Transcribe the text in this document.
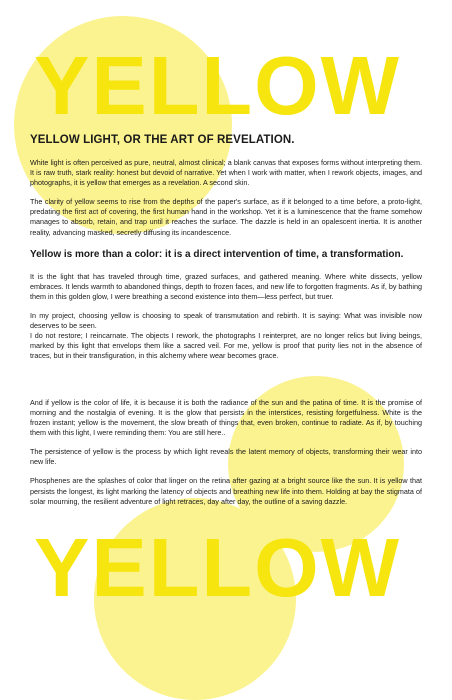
YELLOW
YELLOW LIGHT, OR THE ART OF REVELATION.

White light is often perceived as pure, neutral, almost clinical; a blank canvas that exposes forms without interpreting them. It is raw truth, stark reality: honest but devoid of narrative. Yet when I work with matter, when I rework objects, images, and photographs, it is yellow that emerges as a revelation. A second skin.

The clarity of yellow seems to rise from the depths of the paper's surface, as if it belonged to a time before, a proto-light, predating the first act of covering, the first human hand in the workshop. Yet it is a luminescence that the frame somehow manages to absorb, retain, and trap until it reaches the surface. The dazzle is held in an opalescent inertia. It is another reality, advancing masked, secretly diffusing its incandescence.

Yellow is more than a color: it is a direct intervention of time, a transformation.

It is the light that has traveled through time, grazed surfaces, and gathered meaning. Where white dissects, yellow embraces. It lends warmth to abandoned things, depth to frozen faces, and new life to forgotten fragments. As if, by bathing them in this golden glow, I were breathing a second existence into them—less perfect, but truer.

In my project, choosing yellow is choosing to speak of transmutation and rebirth. It is saying: What was invisible now deserves to be seen.

I do not restore; I reincarnate. The objects I rework, the photographs I reinterpret, are no longer relics but living beings, marked by this light that envelops them like a sacred veil. For me, yellow is proof that purity lies not in the absence of traces, but in their transfiguration, in this alchemy where wear becomes grace.

And if yellow is the color of life, it is because it is both the radiance of the sun and the patina of time. It is the promise of morning and the nostalgia of evening. It is the glow that persists in the interstices, resisting forgetfulness. White is the frozen instant; yellow is the movement, the slow breath of things that, even broken, continue to radiate. As if, by touching them with this light, I were reminding them: You are still here..

The persistence of yellow is the process by which light reveals the latent memory of objects, transforming their wear into new life.

Phosphenes are the splashes of color that linger on the retina after gazing at a bright source like the sun. It is yellow that persists the longest, its light marking the latency of objects and breathing new life into them. Holding at bay the stigmata of solar mourning, the resilient adventure of light retraces, day after day, the outline of a saving dazzle.

YELLOW
